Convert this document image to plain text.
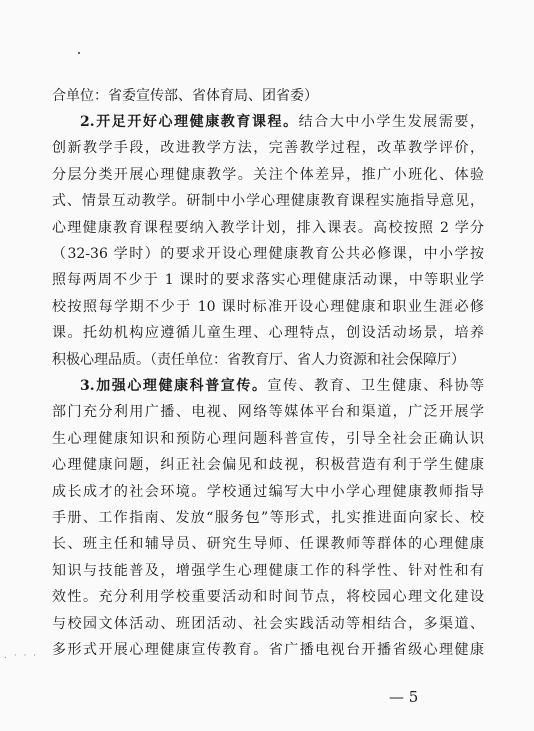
. · · ·
合单位：省委宣传部、省体育局、团省委）
2.开足开好心理健康教育课程。结合大中小学生发展需要，
创新教学手段，改进教学方法，完善教学过程，改革教学评价，
分层分类开展心理健康教学。关注个体差异，推广小班化、体验
式、情景互动教学。研制中小学心理健康教育课程实施指导意见，
心理健康教育课程要纳入教学计划，排入课表。高校按照 2 学分
（32-36 学时）的要求开设心理健康教育公共必修课，中小学按
照每两周不少于 1 课时的要求落实心理健康活动课，中等职业学
校按照每学期不少于 10 课时标准开设心理健康和职业生涯必修
课。托幼机构应遵循儿童生理、心理特点，创设活动场景，培养
积极心理品质。（责任单位：省教育厅、省人力资源和社会保障厅）
3.加强心理健康科普宣传。宣传、教育、卫生健康、科协等
部门充分利用广播、电视、网络等媒体平台和渠道，广泛开展学
生心理健康知识和预防心理问题科普宣传，引导全社会正确认识
心理健康问题，纠正社会偏见和歧视，积极营造有利于学生健康
成长成才的社会环境。学校通过编写大中小学心理健康教师指导
手册、工作指南、发放“服务包”等形式，扎实推进面向家长、校
长、班主任和辅导员、研究生导师、任课教师等群体的心理健康
知识与技能普及，增强学生心理健康工作的科学性、针对性和有
效性。充分利用学校重要活动和时间节点，将校园心理文化建设
与校园文体活动、班团活动、社会实践活动等相结合，多渠道、
多形式开展心理健康宣传教育。省广播电视台开播省级心理健康
— 5
